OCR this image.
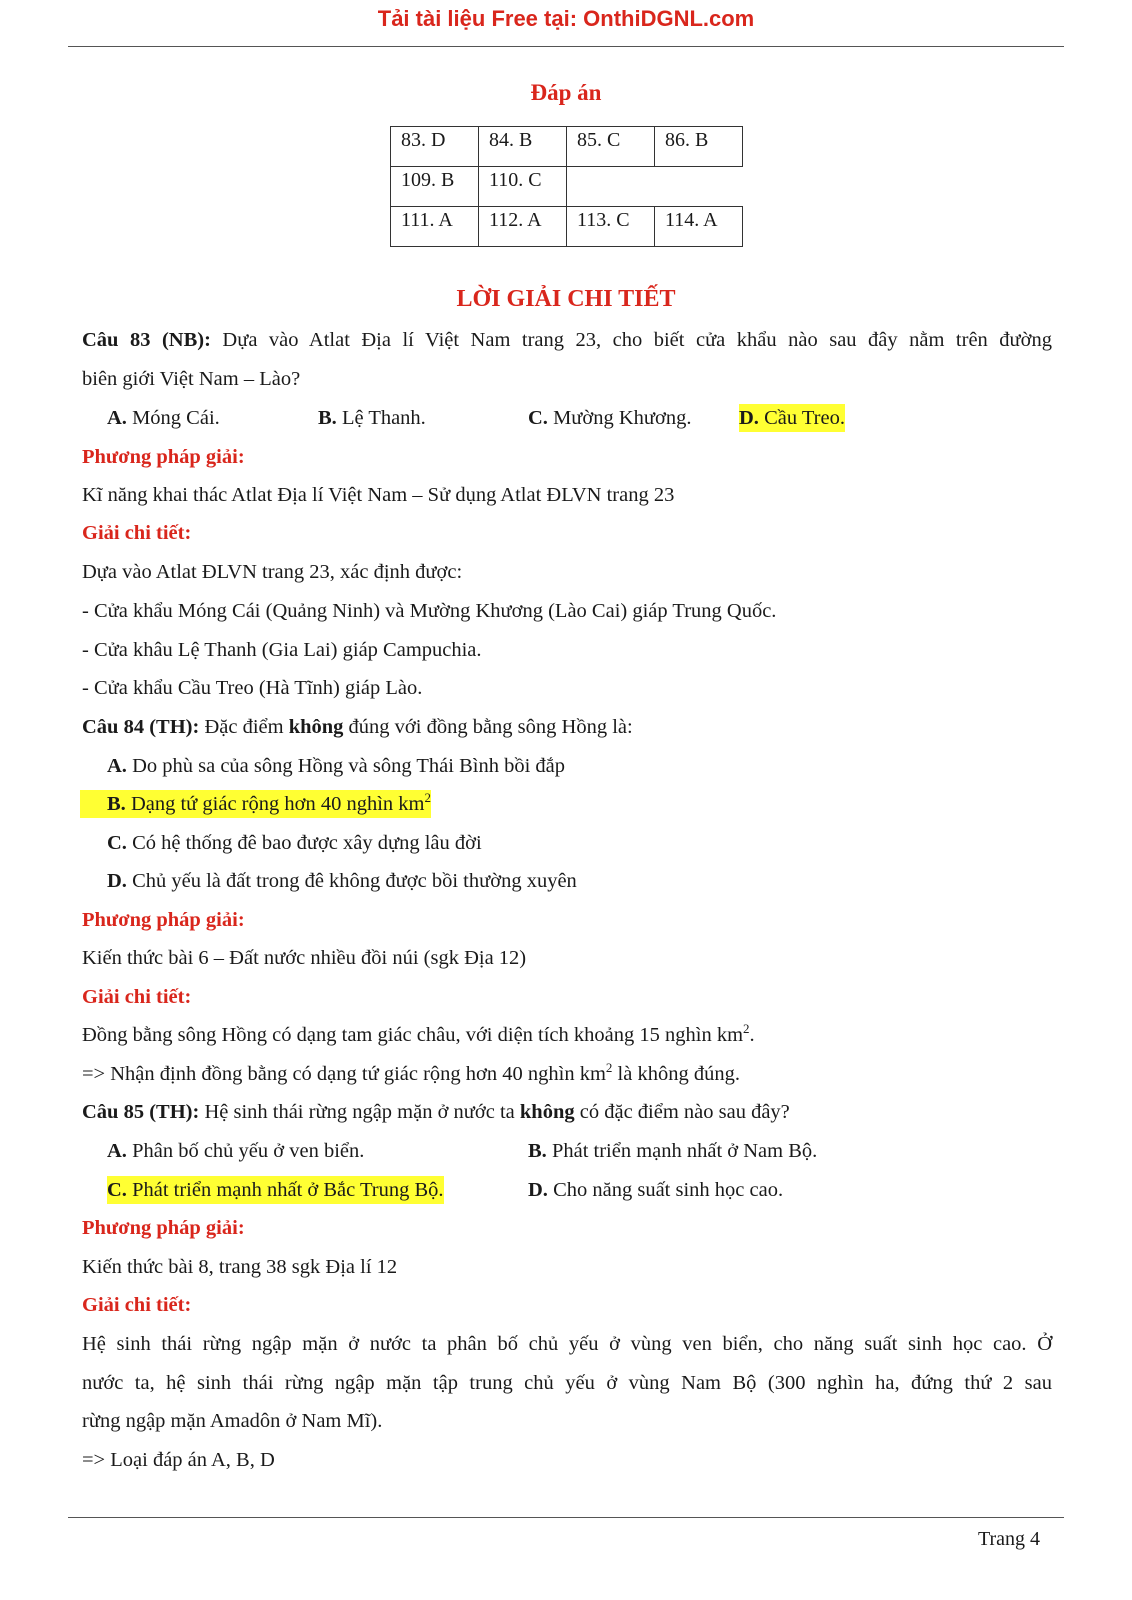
Tải tài liệu Free tại: OnthiDGNL.com
Đáp án
83. D	84. B	85. C	86. B
109. B	110. C		
111. A	112. A	113. C	114. A
LỜI GIẢI CHI TIẾT
Câu 83 (NB): Dựa vào Atlat Địa lí Việt Nam trang 23, cho biết cửa khẩu nào sau đây nằm trên đường
biên giới Việt Nam – Lào?
A. Móng Cái.	B. Lệ Thanh.	C. Mường Khương. D. Cầu Treo.
Phương pháp giải:
Kĩ năng khai thác Atlat Địa lí Việt Nam – Sử dụng Atlat ĐLVN trang 23
Giải chi tiết:
Dựa vào Atlat ĐLVN trang 23, xác định được:
- Cửa khẩu Móng Cái (Quảng Ninh) và Mường Khương (Lào Cai) giáp Trung Quốc.
- Cửa khâu Lệ Thanh (Gia Lai) giáp Campuchia.
- Cửa khẩu Cầu Treo (Hà Tĩnh) giáp Lào.
Câu 84 (TH): Đặc điểm không đúng với đồng bằng sông Hồng là:
A. Do phù sa của sông Hồng và sông Thái Bình bồi đắp
B. Dạng tứ giác rộng hơn 40 nghìn $km^2$
C. Có hệ thống đê bao được xây dựng lâu đời
D. Chủ yếu là đất trong đê không được bồi thường xuyên
Phương pháp giải:
Kiến thức bài 6 – Đất nước nhiều đồi núi (sgk Địa 12)
Giải chi tiết:
Đồng bằng sông Hồng có dạng tam giác châu, với diện tích khoảng 15 nghìn $km^2$.
=> Nhận định đồng bằng có dạng tứ giác rộng hơn 40 nghìn $km^2$ là không đúng.
Câu 85 (TH): Hệ sinh thái rừng ngập mặn ở nước ta không có đặc điểm nào sau đây?
A. Phân bố chủ yếu ở ven biển.	B. Phát triển mạnh nhất ở Nam Bộ.
C. Phát triển mạnh nhất ở Bắc Trung Bộ.	D. Cho năng suất sinh học cao.
Phương pháp giải:
Kiến thức bài 8, trang 38 sgk Địa lí 12
Giải chi tiết:
Hệ sinh thái rừng ngập mặn ở nước ta phân bố chủ yếu ở vùng ven biển, cho năng suất sinh học cao. Ở
nước ta, hệ sinh thái rừng ngập mặn tập trung chủ yếu ở vùng Nam Bộ (300 nghìn ha, đứng thứ 2 sau
rừng ngập mặn Amadôn ở Nam Mĩ).
=> Loại đáp án A, B, D
Trang 4
